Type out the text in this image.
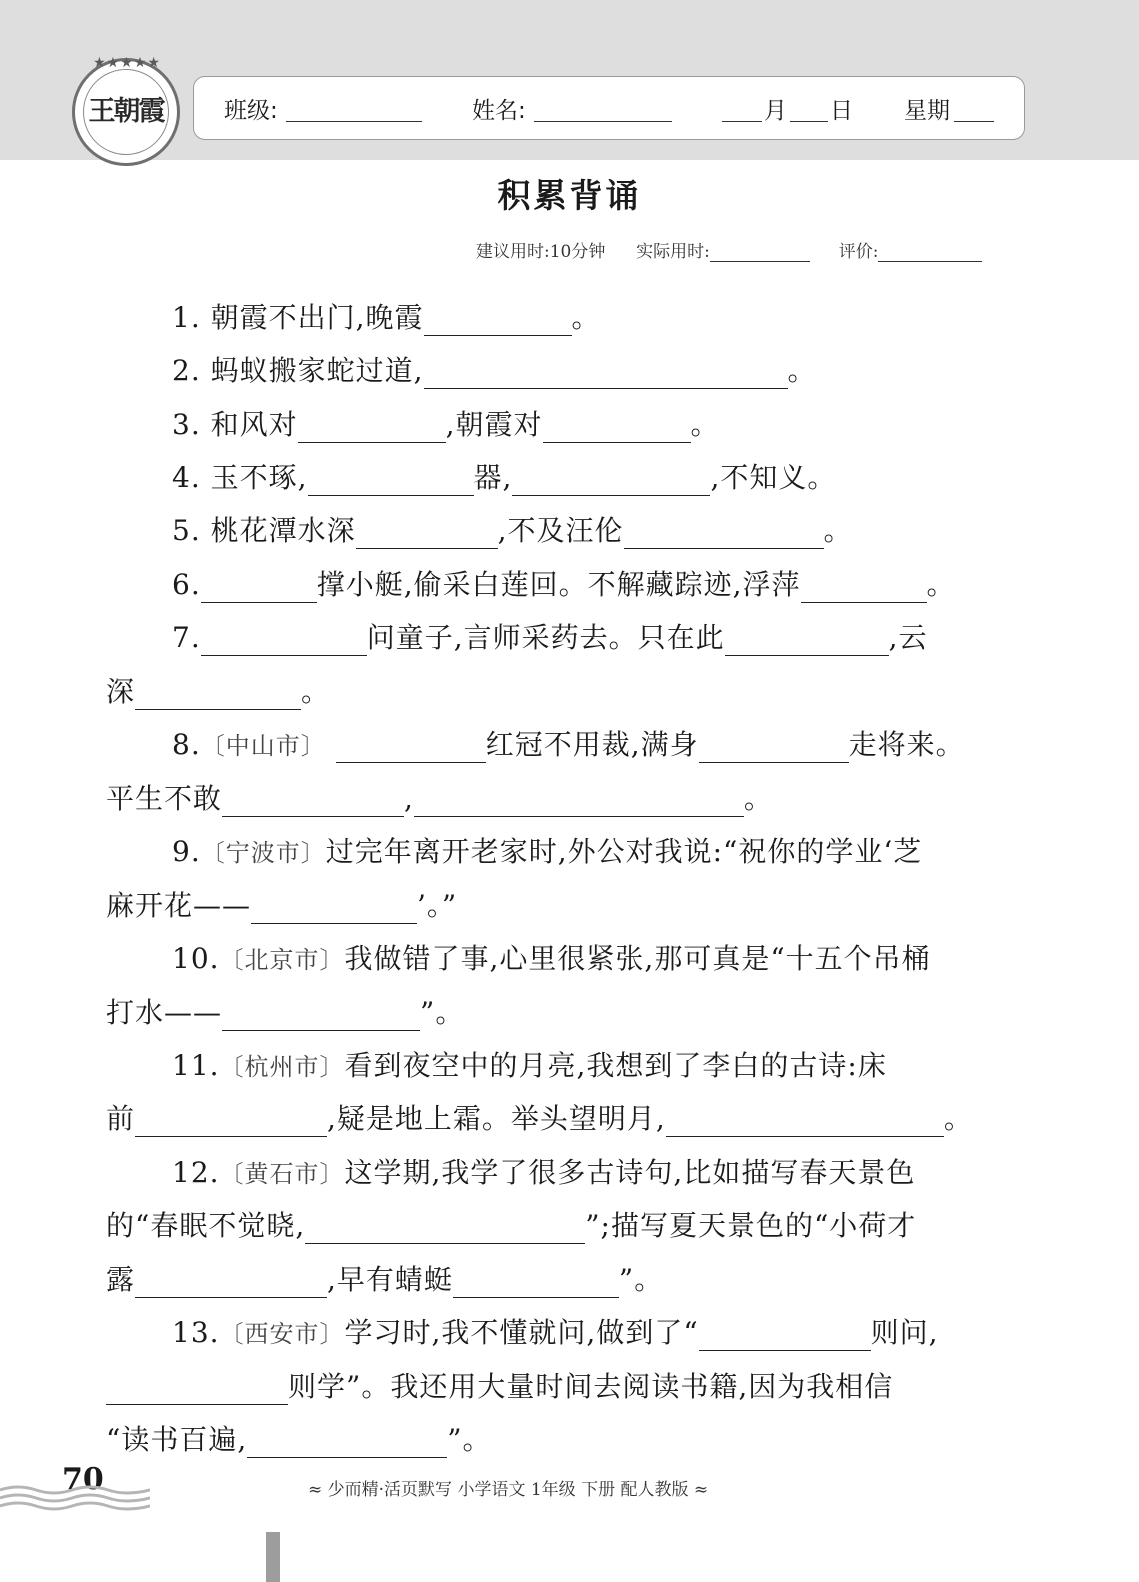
★★★★★
王朝霞	班级:	姓名:	月 日 星期
积累背诵
建议用时:10分钟 实际用时:	评价:
1. 朝霞不出门,晚霞	。
2. 蚂蚁搬家蛇过道,	。
3. 和风对	,朝霞对	。
4. 玉不琢,	器,	,不知义。
5. 桃花潭水深	,不及汪伦	。
6.	撑小艇,偷采白莲回。不解藏踪迹,浮萍	。
7.	问童子,言师采药去。只在此	,云
深	。
8.〔中山市〕	红冠不用裁,满身	走将来。
平生不敢	,	。
9.〔宁波市〕过完年离开老家时,外公对我说:“祝你的学业‘芝
麻开花——	’。”
10.〔北京市〕我做错了事,心里很紧张,那可真是“十五个吊桶
打水——	”。
11.〔杭州市〕看到夜空中的月亮,我想到了李白的古诗:床
前	,疑是地上霜。举头望明月,	。
12.〔黄石市〕这学期,我学了很多古诗句,比如描写春天景色
的“春眠不觉晓,	”;描写夏天景色的“小荷才
露	,早有蜻蜓	”。
13.〔西安市〕学习时,我不懂就问,做到了“	则问,
则学”。我还用大量时间去阅读书籍,因为我相信
“读书百遍,	”。
70	≈ 少而精·活页默写 小学语文 1年级 下册 配人教版 ≈
